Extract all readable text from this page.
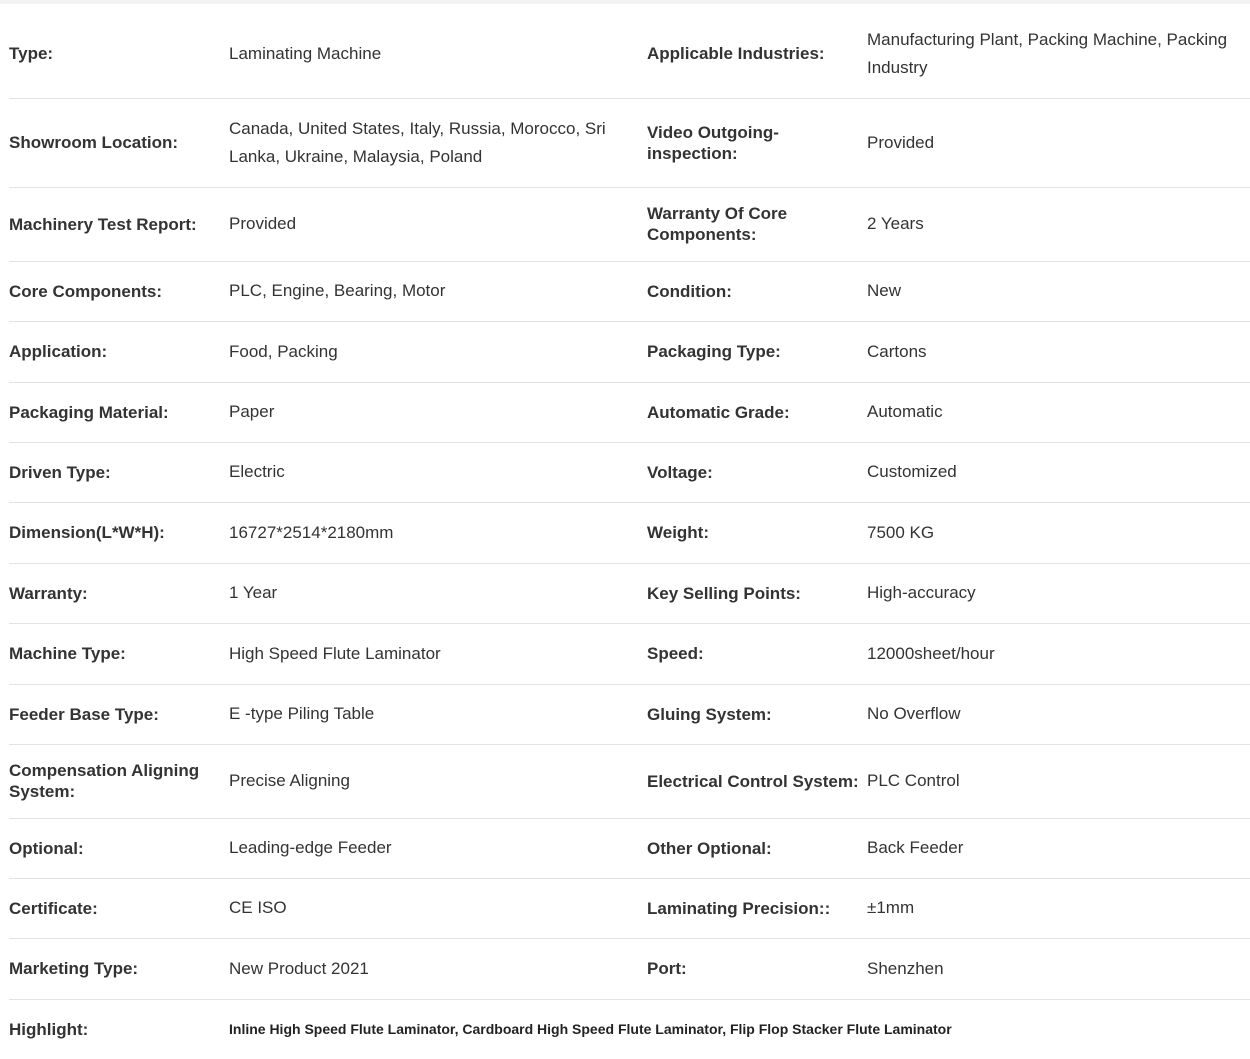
Type:	Laminating Machine	Applicable Industries:	Manufacturing Plant, Packing Machine, Packing Industry
Showroom Location:	Canada, United States, Italy, Russia, Morocco, Sri Lanka, Ukraine, Malaysia, Poland	Video Outgoing-inspection:	Provided
Machinery Test Report:	Provided	Warranty Of Core Components:	2 Years
Core Components:	PLC, Engine, Bearing, Motor	Condition:	New
Application:	Food, Packing	Packaging Type:	Cartons
Packaging Material:	Paper	Automatic Grade:	Automatic
Driven Type:	Electric	Voltage:	Customized
Dimension(L*W*H):	16727*2514*2180mm	Weight:	7500 KG
Warranty:	1 Year	Key Selling Points:	High-accuracy
Machine Type:	High Speed Flute Laminator	Speed:	12000sheet/hour
Feeder Base Type:	E -type Piling Table	Gluing System:	No Overflow
Compensation Aligning System:	Precise Aligning	Electrical Control System:	PLC Control
Optional:	Leading-edge Feeder	Other Optional:	Back Feeder
Certificate:	CE ISO	Laminating Precision::	±1mm
Marketing Type:	New Product 2021	Port:	Shenzhen
Highlight:	Inline High Speed Flute Laminator, Cardboard High Speed Flute Laminator, Flip Flop Stacker Flute Laminator		
